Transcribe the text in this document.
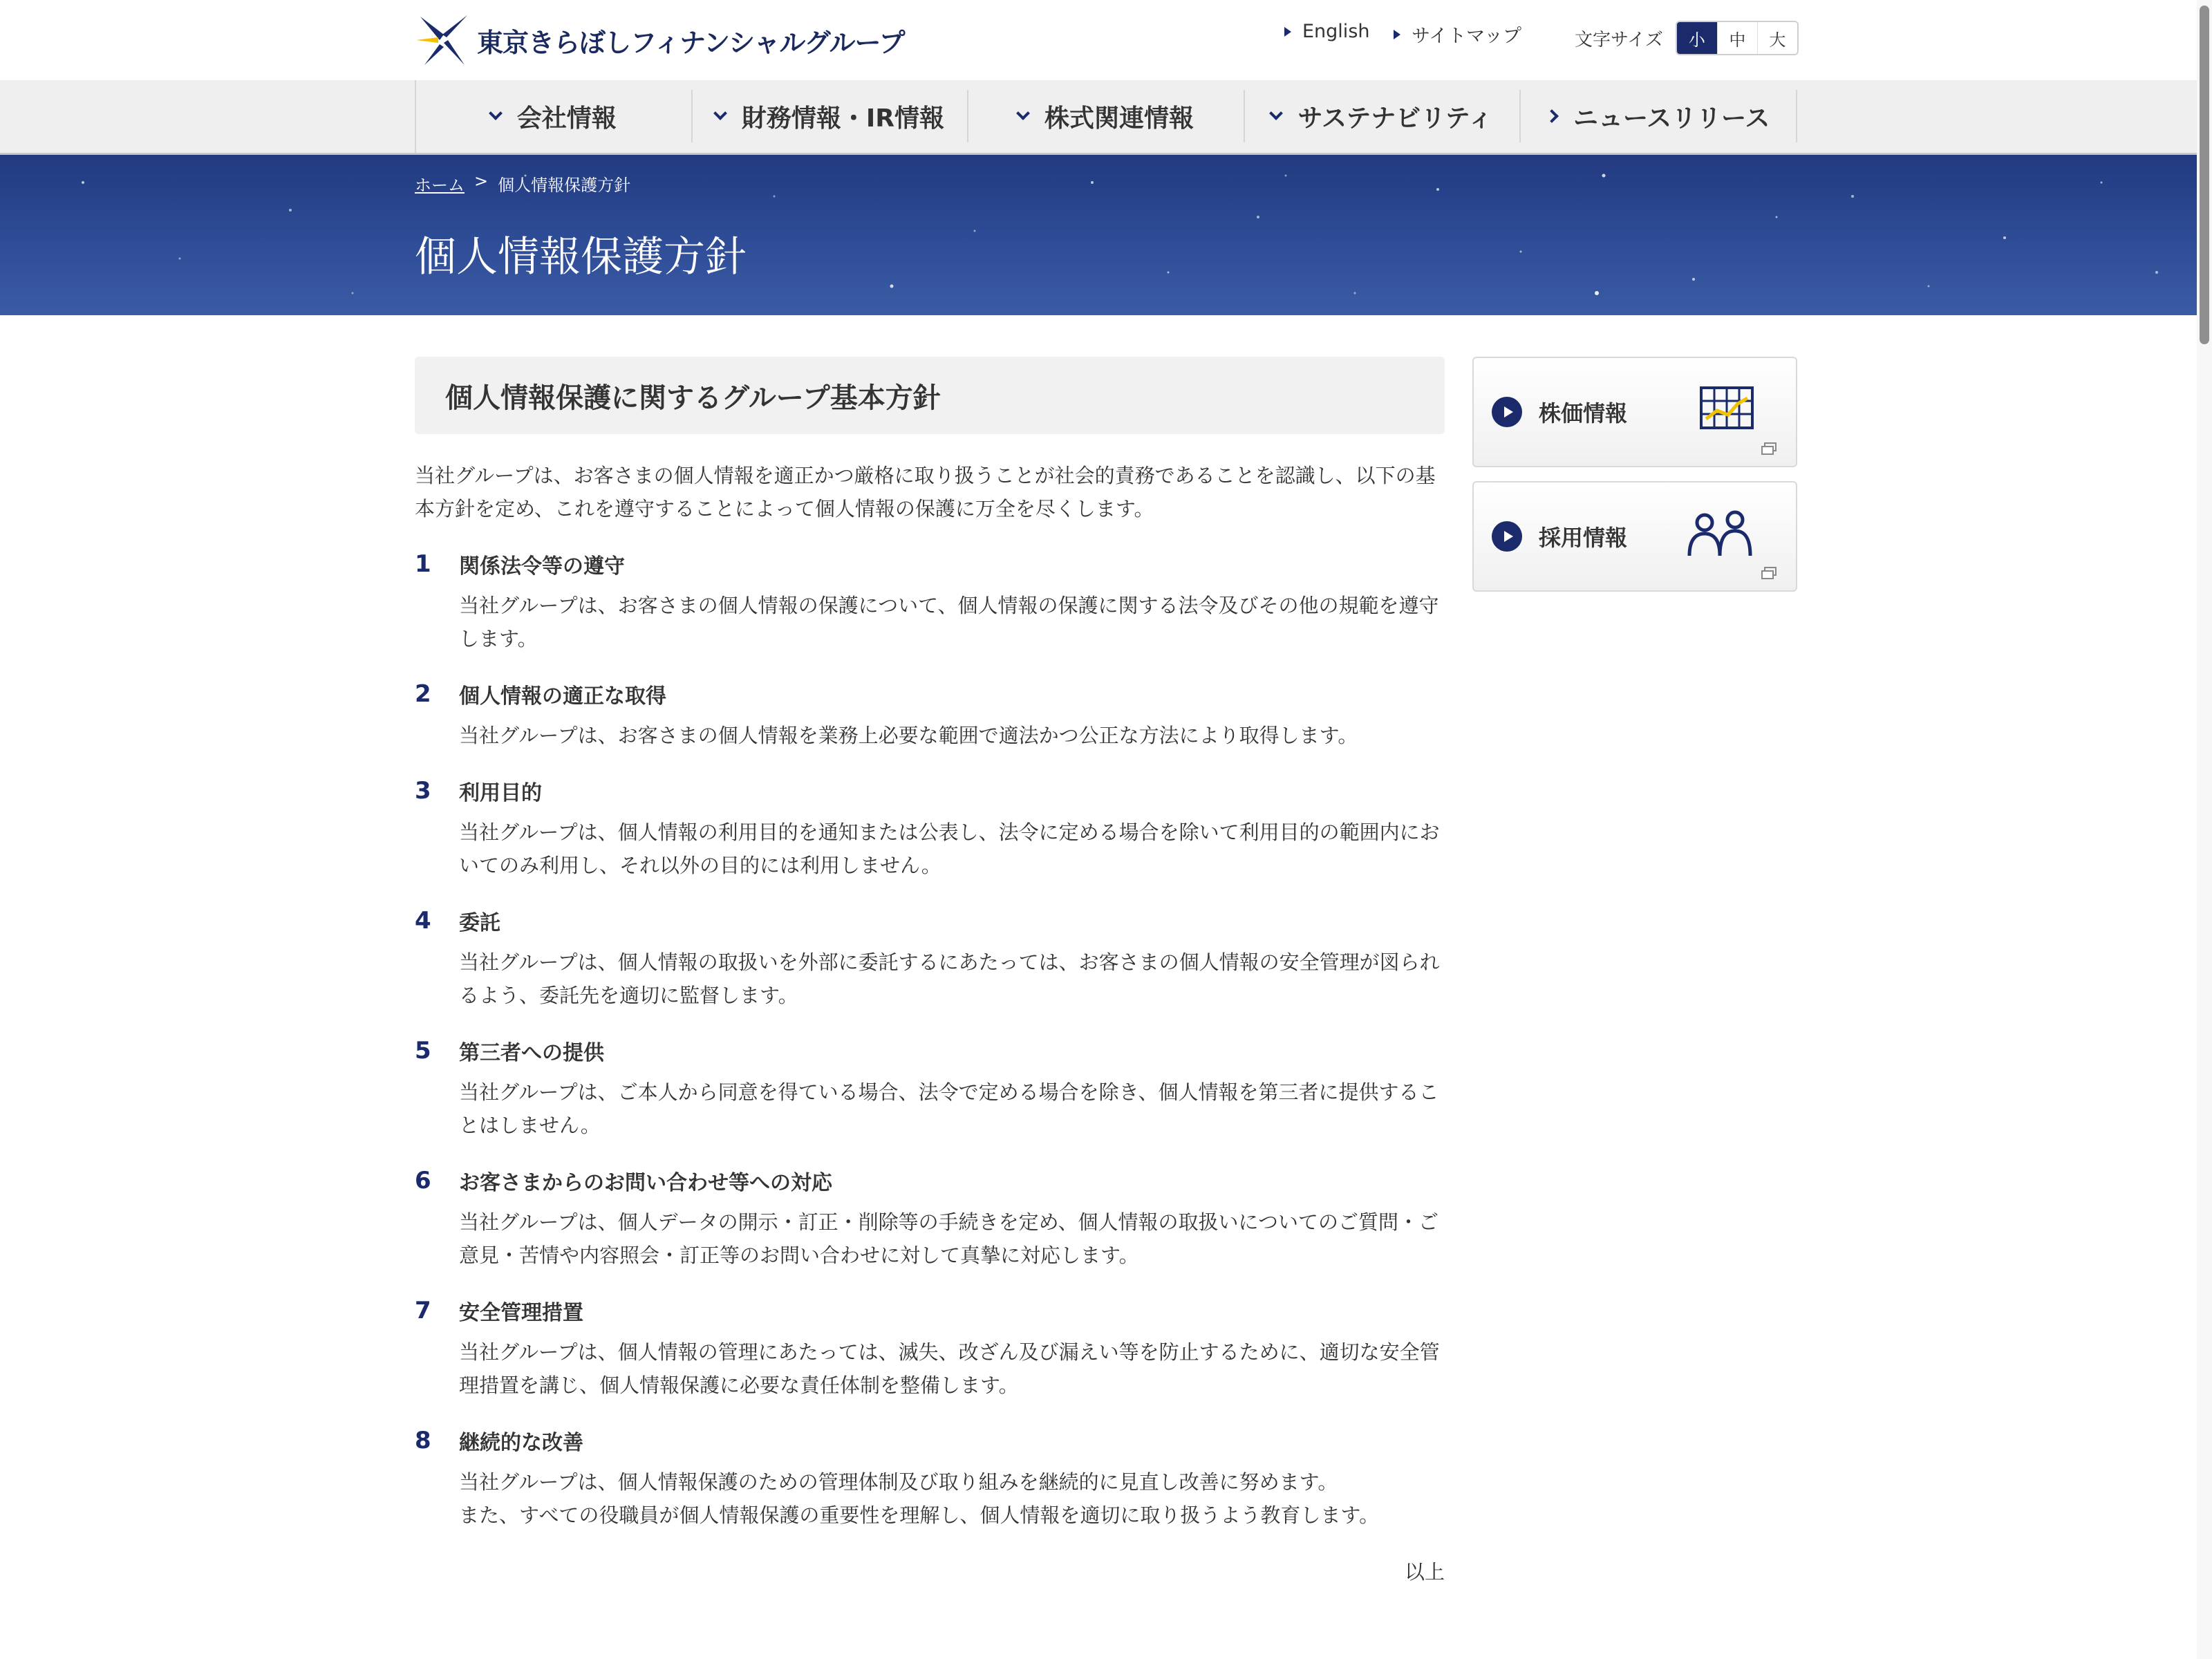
東京きらぼしフィナンシャルグループ	English サイトマップ	文字サイズ	小	中	大
会社情報	財務情報・IR情報	株式関連情報	サステナビリティ	ニュースリリース
ホーム > 個人情報保護方針
個人情報保護方針
個人情報保護に関するグループ基本方針
当社グループは、お客さまの個人情報を適正かつ厳格に取り扱うことが社会的責務であることを認識し、以下の基本方針を定め、これを遵守することによって個人情報の保護に万全を尽くします。
1	関係法令等の遵守
当社グループは、お客さまの個人情報の保護について、個人情報の保護に関する法令及びその他の規範を遵守します。
2	個人情報の適正な取得
当社グループは、お客さまの個人情報を業務上必要な範囲で適法かつ公正な方法により取得します。
3	利用目的
当社グループは、個人情報の利用目的を通知または公表し、法令に定める場合を除いて利用目的の範囲内においてのみ利用し、それ以外の目的には利用しません。
4	委託
当社グループは、個人情報の取扱いを外部に委託するにあたっては、お客さまの個人情報の安全管理が図られるよう、委託先を適切に監督します。
5	第三者への提供
当社グループは、ご本人から同意を得ている場合、法令で定める場合を除き、個人情報を第三者に提供することはしません。
6	お客さまからのお問い合わせ等への対応
当社グループは、個人データの開示・訂正・削除等の手続きを定め、個人情報の取扱いについてのご質問・ご意見・苦情や内容照会・訂正等のお問い合わせに対して真摯に対応します。
7	安全管理措置
当社グループは、個人情報の管理にあたっては、滅失、改ざん及び漏えい等を防止するために、適切な安全管理措置を講じ、個人情報保護に必要な責任体制を整備します。
8	継続的な改善
当社グループは、個人情報保護のための管理体制及び取り組みを継続的に見直し改善に努めます。
また、すべての役職員が個人情報保護の重要性を理解し、個人情報を適切に取り扱うよう教育します。
以上
株価情報
採用情報
